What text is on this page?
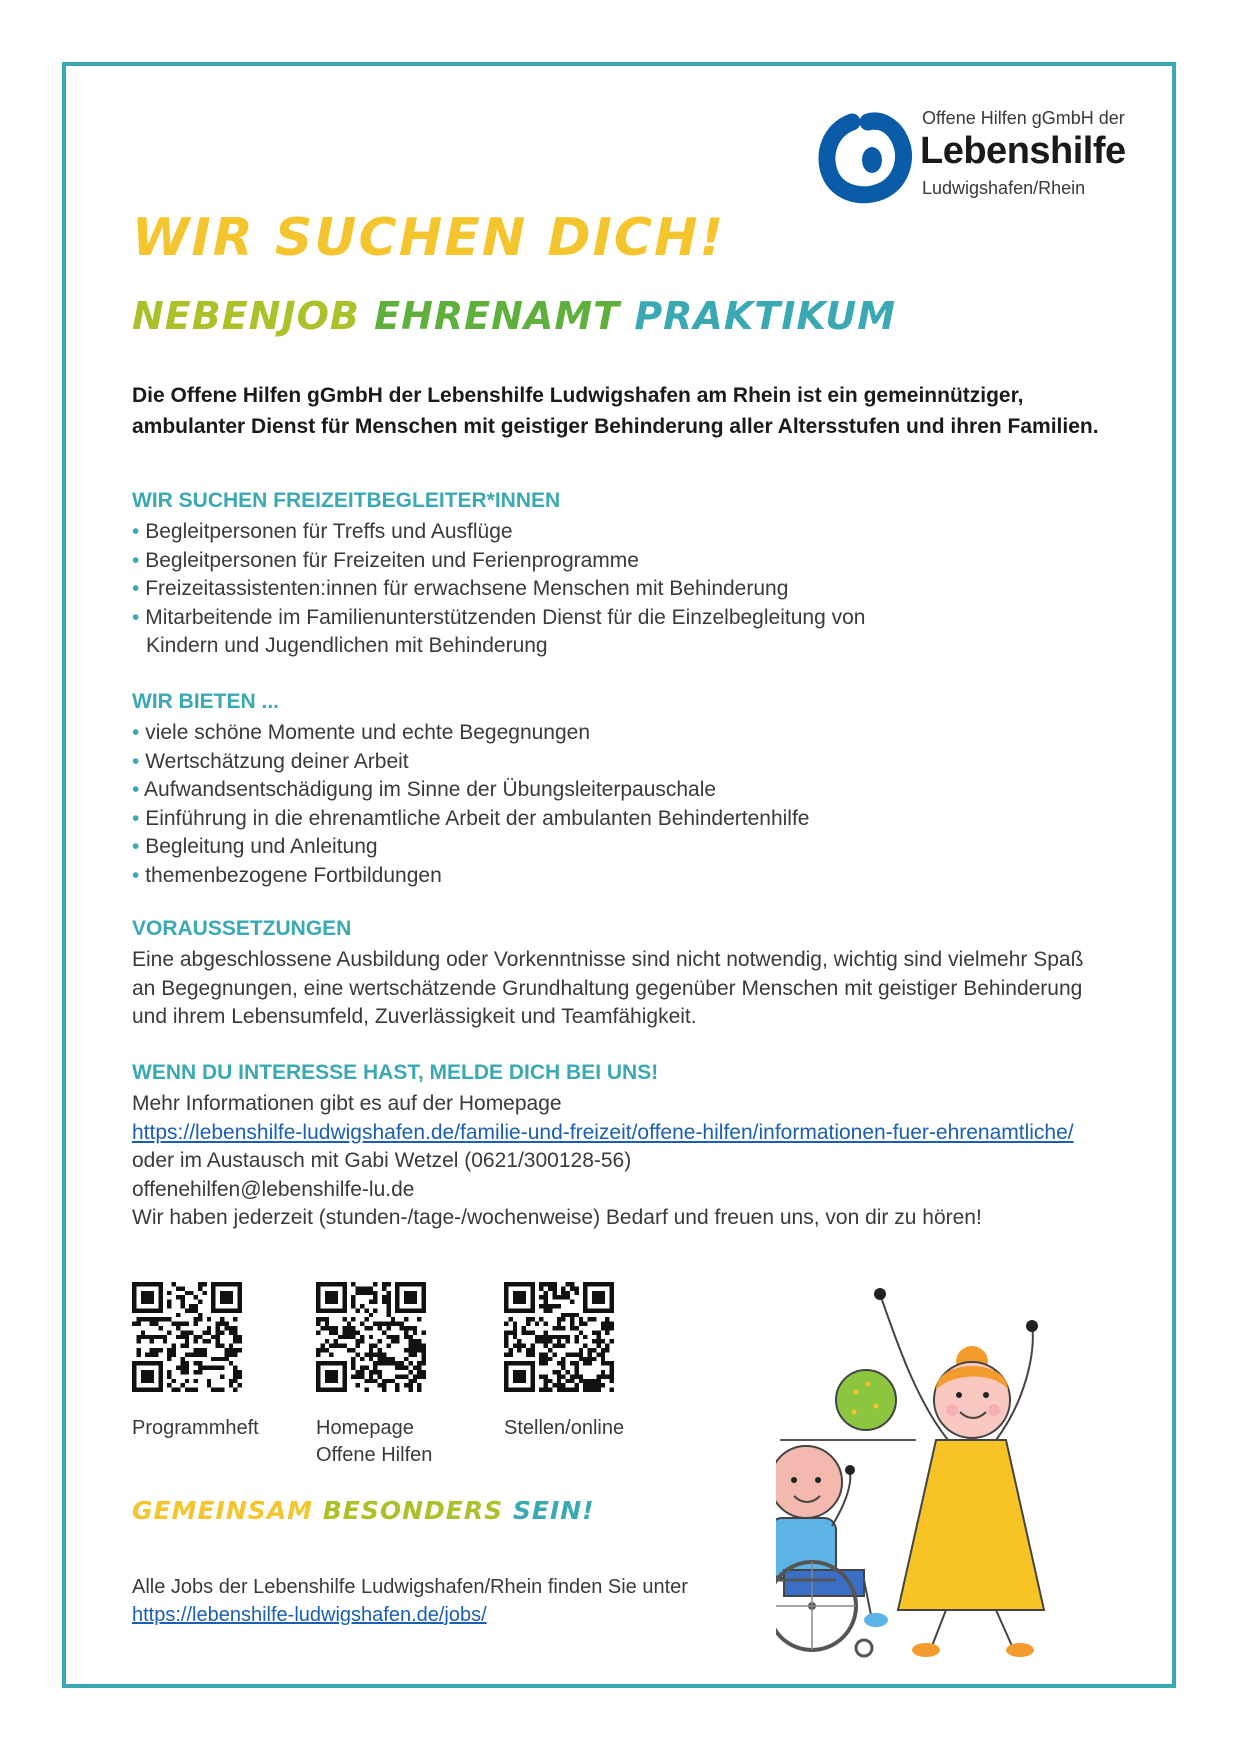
Offene Hilfen gGmbH der
Lebenshilfe
Ludwigshafen/Rhein
WIR SUCHEN DICH!
NEBENJOB EHRENAMT PRAKTIKUM
Die Offene Hilfen gGmbH der Lebenshilfe Ludwigshafen am Rhein ist ein gemeinnütziger, ambulanter Dienst für Menschen mit geistiger Behinderung aller Altersstufen und ihren Familien.
WIR SUCHEN FREIZEITBEGLEITER*INNEN
• Begleitpersonen für Treffs und Ausflüge
• Begleitpersonen für Freizeiten und Ferienprogramme
• Freizeitassistenten:innen für erwachsene Menschen mit Behinderung
• Mitarbeitende im Familienunterstützenden Dienst für die Einzelbegleitung von Kindern und Jugendlichen mit Behinderung
WIR BIETEN ...
• viele schöne Momente und echte Begegnungen
• Wertschätzung deiner Arbeit
• Aufwandsentschädigung im Sinne der Übungsleiterpauschale
• Einführung in die ehrenamtliche Arbeit der ambulanten Behindertenhilfe
• Begleitung und Anleitung
• themenbezogene Fortbildungen
VORAUSSETZUNGEN

Eine abgeschlossene Ausbildung oder Vorkenntnisse sind nicht notwendig, wichtig sind vielmehr Spaß an Begegnungen, eine wertschätzende Grundhaltung gegenüber Menschen mit geistiger Behinderung und ihrem Lebensumfeld, Zuverlässigkeit und Teamfähigkeit.

WENN DU INTERESSE HAST, MELDE DICH BEI UNS!

Mehr Informationen gibt es auf der Homepage

https://lebenshilfe-ludwigshafen.de/familie-und-freizeit/offene-hilfen/informationen-fuer-ehrenamtliche/

oder im Austausch mit Gabi Wetzel (0621/300128-56)

offenehilfen@lebenshilfe-lu.de

Wir haben jederzeit (stunden-/tage-/wochenweise) Bedarf und freuen uns, von dir zu hören!

Programmheft	Homepage
Offene Hilfen
Stellen/online
GEMEINSAM BESONDERS SEIN!
Alle Jobs der Lebenshilfe Ludwigshafen/Rhein finden Sie unter
https://lebenshilfe-ludwigshafen.de/jobs/
